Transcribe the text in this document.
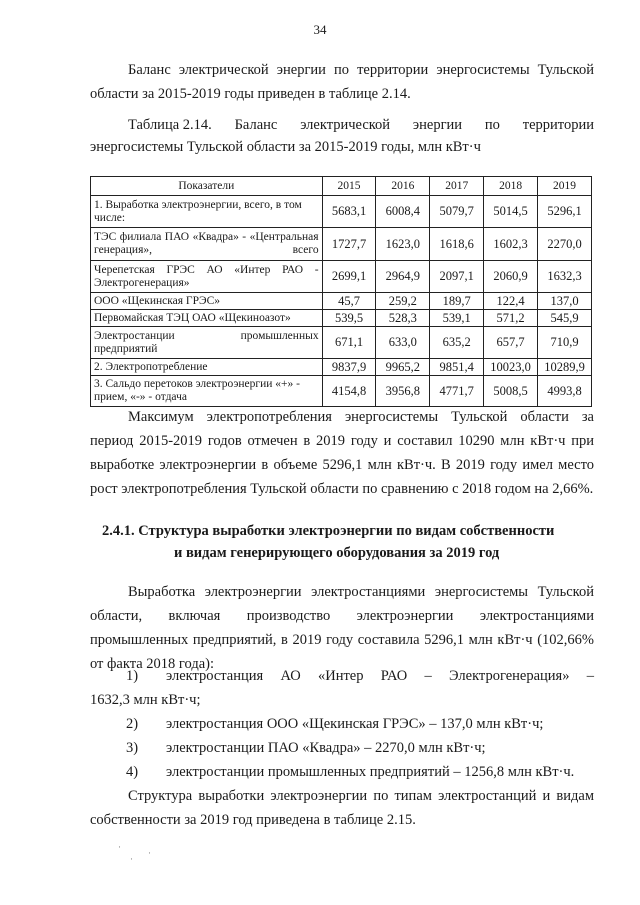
34

Баланс электрической энергии по территории энергосистемы Тульской области за 2015-2019 годы приведен в таблице 2.14.

Таблица 2.14. Баланс электрической энергии по территории
энергосистемы Тульской области за 2015-2019 годы, млн кВт·ч
Показатели	2015	2016	2017	2018	2019
1. Выработка электроэнергии, всего, в том числе:	5683,1	6008,4	5079,7	5014,5	5296,1
ТЭС филиала ПАО «Квадра» - «Центральная генерация», всего	1727,7	1623,0	1618,6	1602,3	2270,0
Черепетская ГРЭС АО «Интер РАО - Электрогенерация»	2699,1	2964,9	2097,1	2060,9	1632,3
ООО «Щекинская ГРЭС»	45,7	259,2	189,7	122,4	137,0
Первомайская ТЭЦ ОАО «Щекиноазот»	539,5	528,3	539,1	571,2	545,9
Электростанции промышленных предприятий	671,1	633,0	635,2	657,7	710,9
2. Электропотребление	9837,9	9965,2	9851,4	10023,0	10289,9
3. Сальдо перетоков электроэнергии «+» - прием, «-» - отдача	4154,8	3956,8	4771,7	5008,5	4993,8

Максимум электропотребления энергосистемы Тульской области за период 2015-2019 годов отмечен в 2019 году и составил 10290 млн кВт·ч при выработке электроэнергии в объеме 5296,1 млн кВт·ч. В 2019 году имел место рост электропотребления Тульской области по сравнению с 2018 годом на 2,66%.

2.4.1. Структура выработки электроэнергии по видам собственности
и видам генерирующего оборудования за 2019 год

Выработка электроэнергии электростанциями энергосистемы Тульской области, включая производство электроэнергии электростанциями промышленных предприятий, в 2019 году составила 5296,1 млн кВт·ч (102,66% от факта 2018 года):

1)	электростанция АО «Интер РАО – Электрогенерация» –
1632,3 млн кВт·ч;
2)	электростанция ООО «Щекинская ГРЭС» – 137,0 млн кВт·ч;
3)	электростанции ПАО «Квадра» – 2270,0 млн кВт·ч;
4)	электростанции промышленных предприятий – 1256,8 млн кВт·ч.

Структура выработки электроэнергии по типам электростанций и видам собственности за 2019 год приведена в таблице 2.15.

·
·
·
